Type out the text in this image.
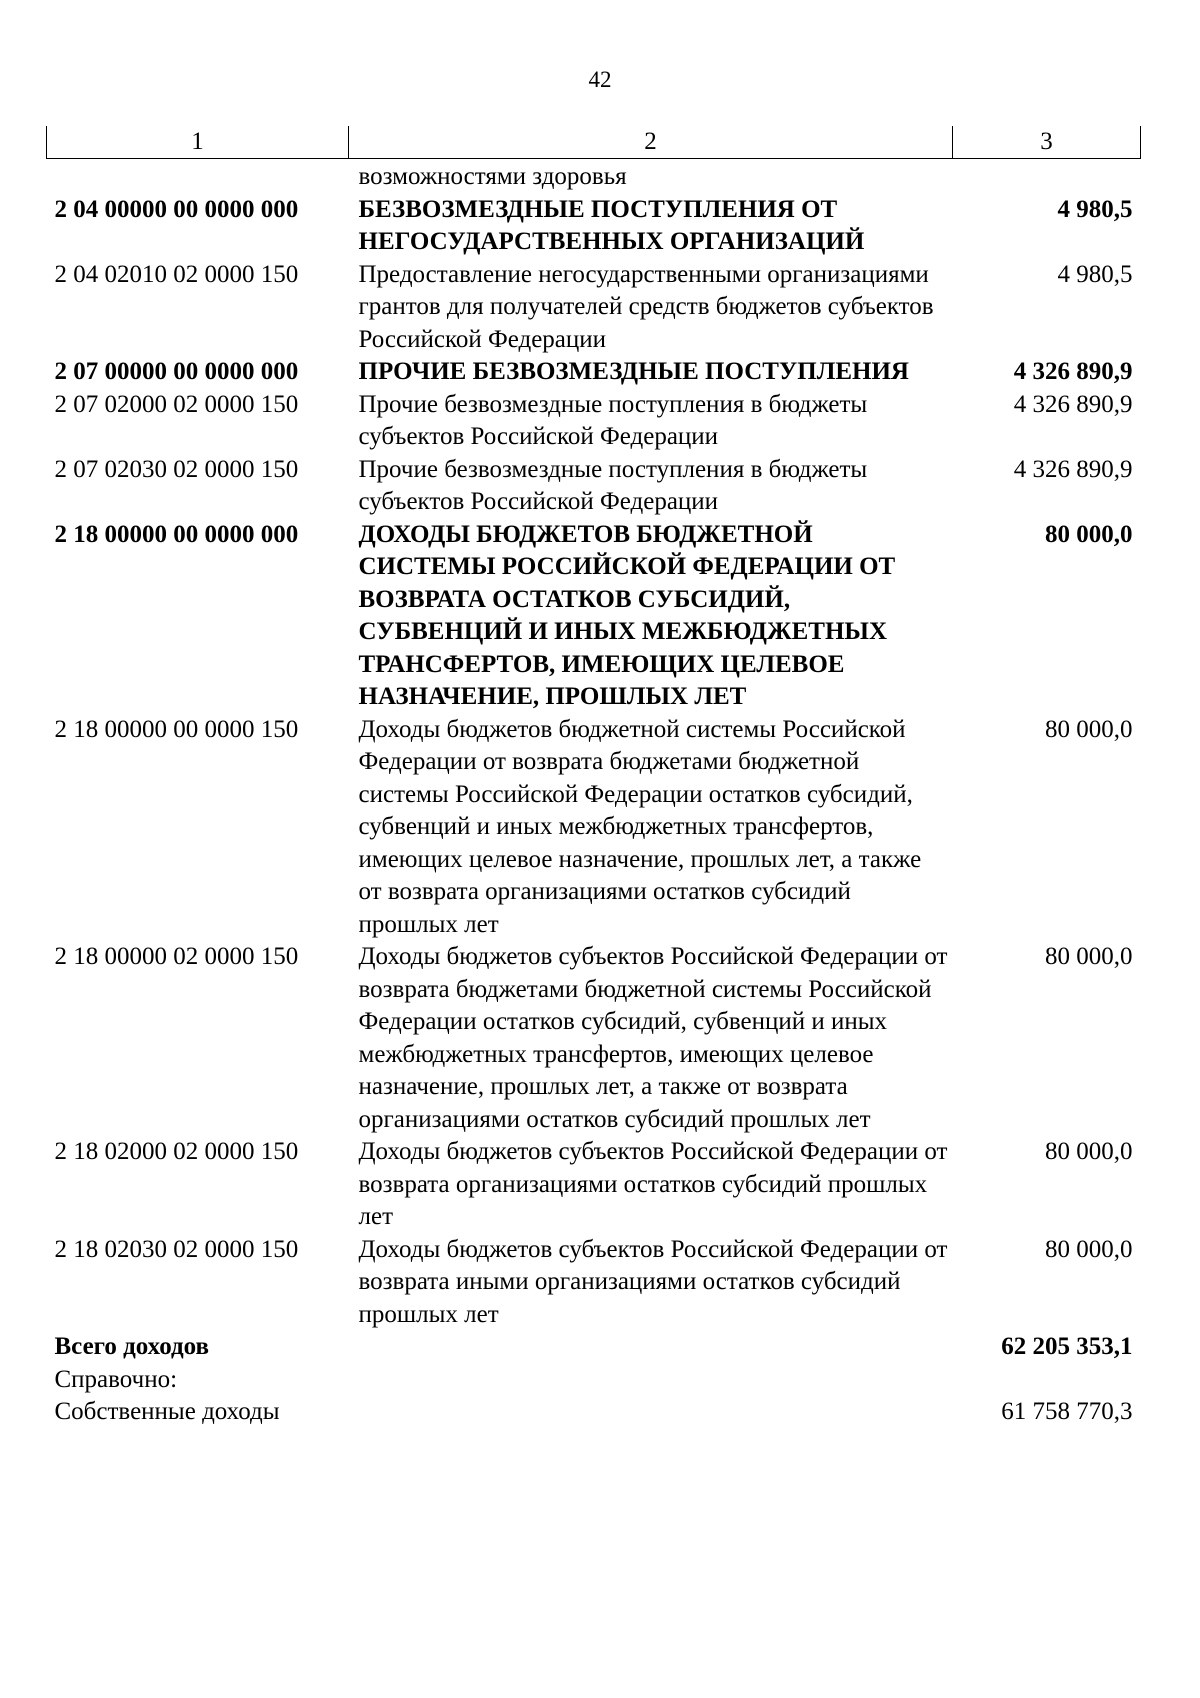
42
1	2	3
	возможностями здоровья	
2 04 00000 00 0000 000	БЕЗВОЗМЕЗДНЫЕ ПОСТУПЛЕНИЯ ОТ НЕГОСУДАРСТВЕННЫХ ОРГАНИЗАЦИЙ	4 980,5
2 04 02010 02 0000 150	Предоставление негосударственными организациями грантов для получателей средств бюджетов субъектов Российской Федерации	4 980,5
2 07 00000 00 0000 000	ПРОЧИЕ БЕЗВОЗМЕЗДНЫЕ ПОСТУПЛЕНИЯ	4 326 890,9
2 07 02000 02 0000 150	Прочие безвозмездные поступления в бюджеты субъектов Российской Федерации	4 326 890,9
2 07 02030 02 0000 150	Прочие безвозмездные поступления в бюджеты субъектов Российской Федерации	4 326 890,9
2 18 00000 00 0000 000	ДОХОДЫ БЮДЖЕТОВ БЮДЖЕТНОЙ СИСТЕМЫ РОССИЙСКОЙ ФЕДЕРАЦИИ ОТ ВОЗВРАТА ОСТАТКОВ СУБСИДИЙ, СУБВЕНЦИЙ И ИНЫХ МЕЖБЮДЖЕТНЫХ ТРАНСФЕРТОВ, ИМЕЮЩИХ ЦЕЛЕВОЕ НАЗНАЧЕНИЕ, ПРОШЛЫХ ЛЕТ	80 000,0
2 18 00000 00 0000 150	Доходы бюджетов бюджетной системы Российской Федерации от возврата бюджетами бюджетной системы Российской Федерации остатков субсидий, субвенций и иных межбюджетных трансфертов, имеющих целевое назначение, прошлых лет, а также от возврата организациями остатков субсидий прошлых лет	80 000,0
2 18 00000 02 0000 150	Доходы бюджетов субъектов Российской Федерации от возврата бюджетами бюджетной системы Российской Федерации остатков субсидий, субвенций и иных межбюджетных трансфертов, имеющих целевое назначение, прошлых лет, а также от возврата организациями остатков субсидий прошлых лет	80 000,0
2 18 02000 02 0000 150	Доходы бюджетов субъектов Российской Федерации от возврата организациями остатков субсидий прошлых лет	80 000,0
2 18 02030 02 0000 150	Доходы бюджетов субъектов Российской Федерации от возврата иными организациями остатков субсидий прошлых лет	80 000,0
Всего доходов		62 205 353,1
Справочно:		
Собственные доходы		61 758 770,3
